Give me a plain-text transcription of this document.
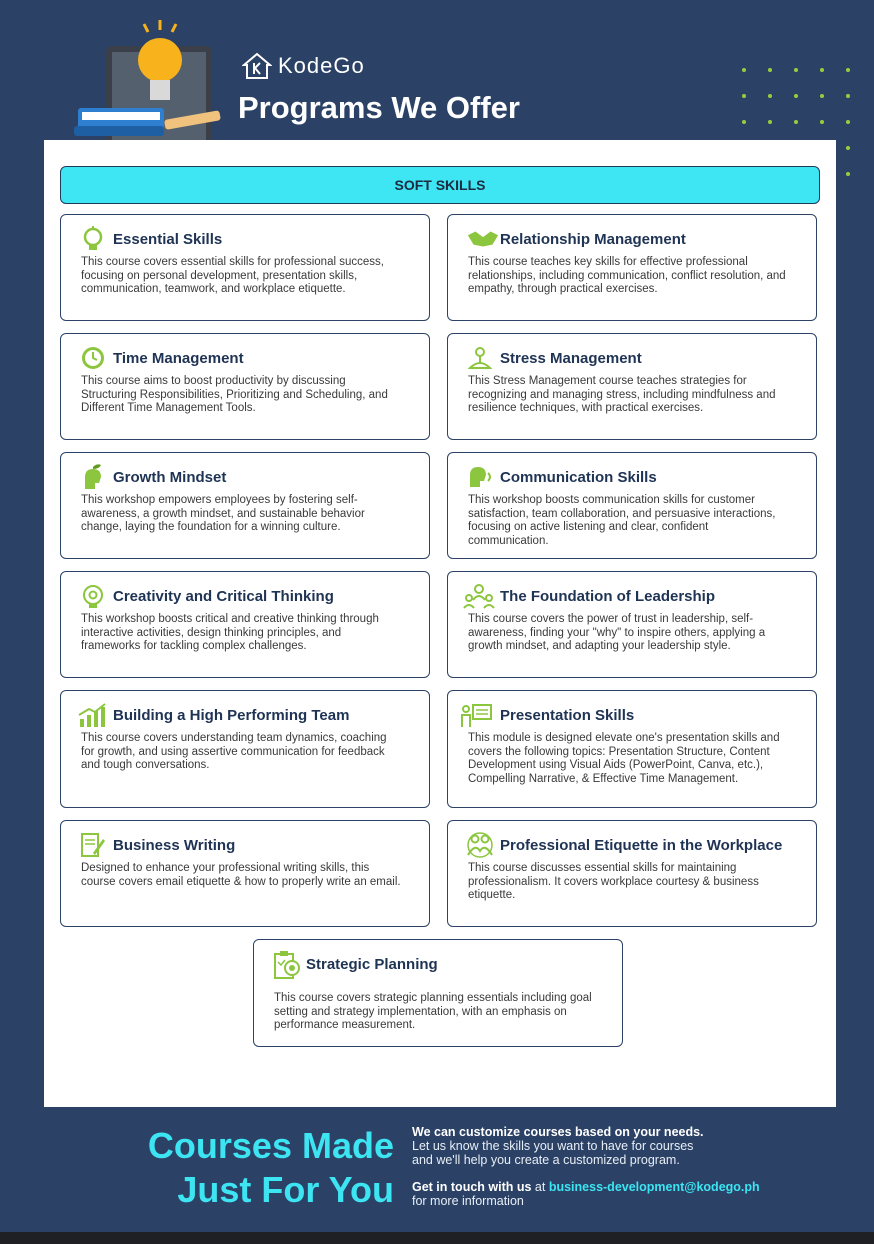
KodeGo
Programs We Offer
SOFT SKILLS
Essential Skills
This course covers essential skills for professional success, focusing on personal development, presentation skills, communication, teamwork, and workplace etiquette.
Relationship Management
This course teaches key skills for effective professional relationships, including communication, conflict resolution, and empathy, through practical exercises.
Time Management
This course aims to boost productivity by discussing Structuring Responsibilities, Prioritizing and Scheduling, and Different Time Management Tools.
Stress Management
This Stress Management course teaches strategies for recognizing and managing stress, including mindfulness and resilience techniques, with practical exercises.
Growth Mindset
This workshop empowers employees by fostering self-awareness, a growth mindset, and sustainable behavior change, laying the foundation for a winning culture.
Communication Skills
This workshop boosts communication skills for customer satisfaction, team collaboration, and persuasive interactions, focusing on active listening and clear, confident communication.
Creativity and Critical Thinking
This workshop boosts critical and creative thinking through interactive activities, design thinking principles, and frameworks for tackling complex challenges.
The Foundation of Leadership
This course covers the power of trust in leadership, self-awareness, finding your "why" to inspire others, applying a growth mindset, and adapting your leadership style.
Building a High Performing Team
This course covers understanding team dynamics, coaching for growth, and using assertive communication for feedback and tough conversations.
Presentation Skills
This module is designed elevate one's presentation skills and covers the following topics: Presentation Structure, Content Development using Visual Aids (PowerPoint, Canva, etc.), Compelling Narrative, & Effective Time Management.
Business Writing
Designed to enhance your professional writing skills, this course covers email etiquette & how to properly write an email.
Professional Etiquette in the Workplace
This course discusses essential skills for maintaining professionalism. It covers workplace courtesy & business etiquette.
Strategic Planning
This course covers strategic planning essentials including goal setting and strategy implementation, with an emphasis on performance measurement.
Courses Made
Just For You
We can customize courses based on your needs.
Let us know the skills you want to have for courses
and we'll help you create a customized program.
Get in touch with us at business-development@kodego.ph
for more information
